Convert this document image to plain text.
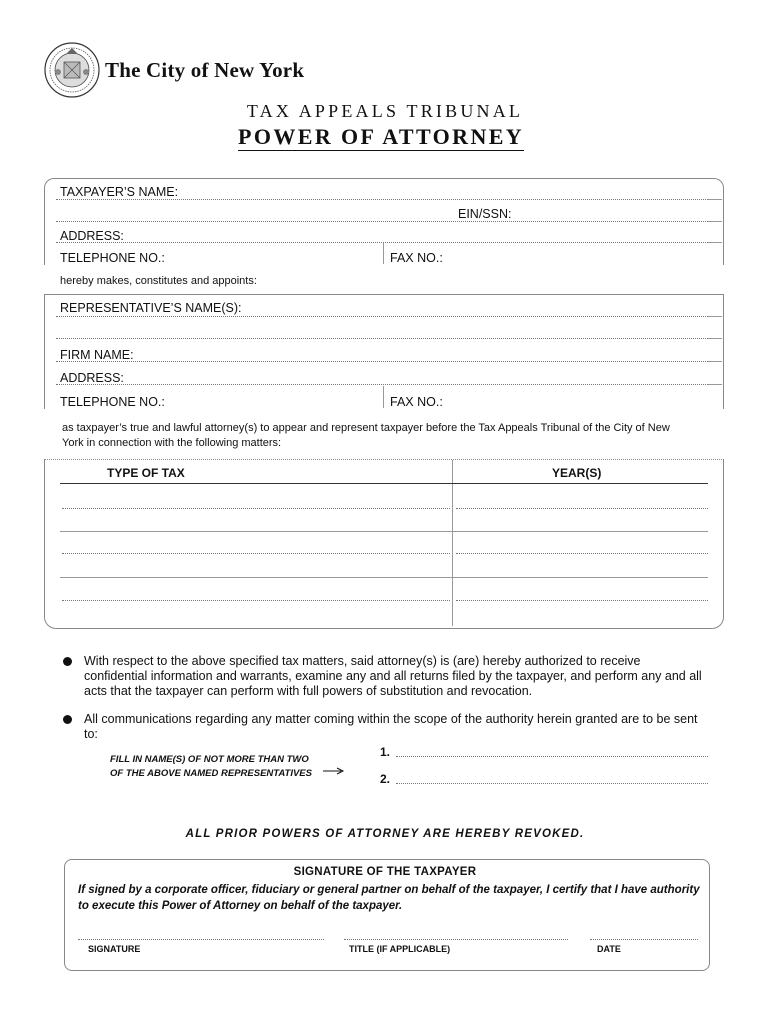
The City of New York
TAX APPEALS TRIBUNAL
POWER OF ATTORNEY
TAXPAYER’S NAME:
EIN/SSN:
ADDRESS:
TELEPHONE NO.:	FAX NO.:
hereby makes, constitutes and appoints:
REPRESENTATIVE’S NAME(S):
FIRM NAME:
ADDRESS:
TELEPHONE NO.:	FAX NO.:
as taxpayer’s true and lawful attorney(s) to appear and represent taxpayer before the Tax Appeals Tribunal of the City of New
York in connection with the following matters:
TYPE OF TAX	YEAR(S)
With respect to the above specified tax matters, said attorney(s) is (are) hereby authorized to receive
confidential information and warrants, examine any and all returns filed by the taxpayer, and perform any and all
acts that the taxpayer can perform with full powers of substitution and revocation.
All communications regarding any matter coming within the scope of the authority herein granted are to be sent
to:
FILL IN NAME(S) OF NOT MORE THAN TWO
OF THE ABOVE NAMED REPRESENTATIVES
1.
2.
ALL PRIOR POWERS OF ATTORNEY ARE HEREBY REVOKED.
SIGNATURE OF THE TAXPAYER
If signed by a corporate officer, fiduciary or general partner on behalf of the taxpayer, I certify that I have authority
to execute this Power of Attorney on behalf of the taxpayer.
SIGNATURE	TITLE (IF APPLICABLE)	DATE
